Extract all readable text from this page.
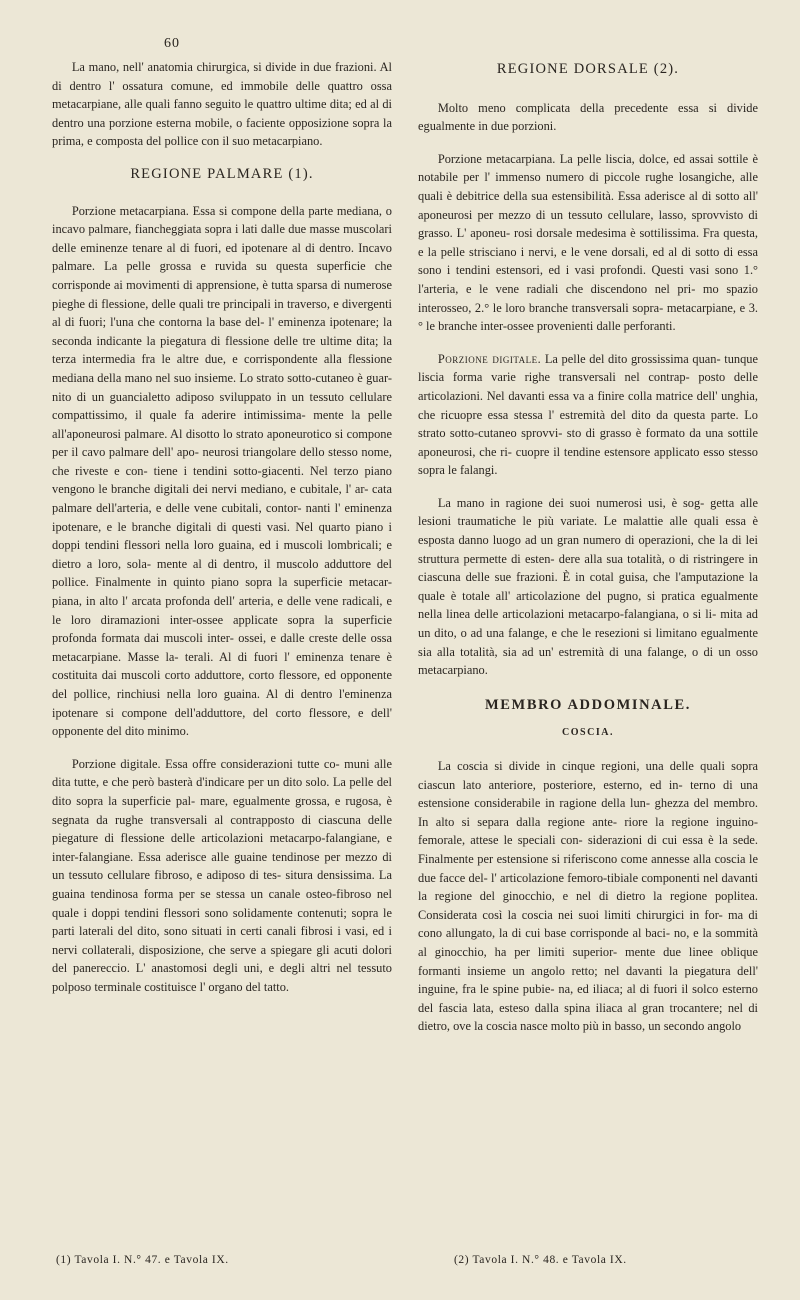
60

La mano, nell' anatomia chirurgica, si divide in due frazioni. Al di dentro l' ossatura comune, ed immobile delle quattro ossa metacarpiane, alle quali fanno seguito le quattro ultime dita; ed al di dentro una porzione esterna mobile, o faciente opposizione sopra la prima, e composta del pollice con il suo metacarpiano.

REGIONE PALMARE (1).

Porzione metacarpiana. Essa si compone della parte mediana, o incavo palmare, fiancheggiata sopra i lati dalle due masse muscolari delle eminenze tenare al di fuori, ed ipotenare al di dentro. Incavo palmare. La pelle grossa e ruvida su questa superficie che corrisponde ai movimenti di apprensione, è tutta sparsa di numerose pieghe di flessione, delle quali tre principali in traverso, e divergenti al di fuori; l'una che contorna la base del- l' eminenza ipotenare; la seconda indicante la piegatura di flessione delle tre ultime dita; la terza intermedia fra le altre due, e corrispondente alla flessione mediana della mano nel suo insieme. Lo strato sotto-cutaneo è guar- nito di un guancialetto adiposo sviluppato in un tessuto cellulare compattissimo, il quale fa aderire intimissima- mente la pelle all'aponeurosi palmare. Al disotto lo strato aponeurotico si compone per il cavo palmare dell' apo- neurosi triangolare dello stesso nome, che riveste e con- tiene i tendini sotto-giacenti. Nel terzo piano vengono le branche digitali dei nervi mediano, e cubitale, l' ar- cata palmare dell'arteria, e delle vene cubitali, contor- nanti l' eminenza ipotenare, e le branche digitali di questi vasi. Nel quarto piano i doppi tendini flessori nella loro guaina, ed i muscoli lombricali; e dietro a loro, sola- mente al di dentro, il muscolo adduttore del pollice. Finalmente in quinto piano sopra la superficie metacar- piana, in alto l' arcata profonda dell' arteria, e delle vene radicali, e le loro diramazioni inter-ossee applicate sopra la superficie profonda formata dai muscoli inter- ossei, e dalle creste delle ossa metacarpiane. Masse la- terali. Al di fuori l' eminenza tenare è costituita dai muscoli corto adduttore, corto flessore, ed opponente del pollice, rinchiusi nella loro guaina. Al di dentro l'eminenza ipotenare si compone dell'adduttore, del corto flessore, e dell' opponente del dito minimo.

Porzione digitale. Essa offre considerazioni tutte co- muni alle dita tutte, e che però basterà d'indicare per un dito solo. La pelle del dito sopra la superficie pal- mare, egualmente grossa, e rugosa, è segnata da rughe transversali al contrapposto di ciascuna delle piegature di flessione delle articolazioni metacarpo-falangiane, e inter-falangiane. Essa aderisce alle guaine tendinose per mezzo di un tessuto cellulare fibroso, e adiposo di tes- situra densissima. La guaina tendinosa forma per se stessa un canale osteo-fibroso nel quale i doppi tendini flessori sono solidamente contenuti; sopra le parti laterali del dito, sono situati in certi canali fibrosi i vasi, ed i nervi collaterali, disposizione, che serve a spiegare gli acuti dolori del panereccio. L' anastomosi degli uni, e degli altri nel tessuto polposo terminale costituisce l' organo del tatto.

REGIONE DORSALE (2).

Molto meno complicata della precedente essa si divide egualmente in due porzioni.

Porzione metacarpiana. La pelle liscia, dolce, ed assai sottile è notabile per l' immenso numero di piccole rughe losangiche, alle quali è debitrice della sua estensibilità. Essa aderisce al di sotto all' aponeurosi per mezzo di un tessuto cellulare, lasso, sprovvisto di grasso. L' aponeu- rosi dorsale medesima è sottilissima. Fra questa, e la pelle strisciano i nervi, e le vene dorsali, ed al di sotto di essa sono i tendini estensori, ed i vasi profondi. Questi vasi sono 1.° l'arteria, e le vene radiali che discendono nel pri- mo spazio interosseo, 2.° le loro branche transversali sopra- metacarpiane, e 3.° le branche inter-ossee provenienti dalle perforanti.

Porzione digitale. La pelle del dito grossissima quan- tunque liscia forma varie righe transversali nel contrap- posto delle articolazioni. Nel davanti essa va a finire colla matrice dell' unghia, che ricuopre essa stessa l' estremità del dito da questa parte. Lo strato sotto-cutaneo sprovvi- sto di grasso è formato da una sottile aponeurosi, che ri- cuopre il tendine estensore applicato esso stesso sopra le falangi.

La mano in ragione dei suoi numerosi usi, è sog- getta alle lesioni traumatiche le più variate. Le malattie alle quali essa è esposta danno luogo ad un gran numero di operazioni, che la di lei struttura permette di esten- dere alla sua totalità, o di ristringere in ciascuna delle sue frazioni. È in cotal guisa, che l'amputazione la quale è totale all' articolazione del pugno, si pratica egualmente nella linea delle articolazioni metacarpo-falangiana, o si li- mita ad un dito, o ad una falange, e che le resezioni si limitano egualmente sia alla totalità, sia ad un' estremità di una falange, o di un osso metacarpiano.

MEMBRO ADDOMINALE.
COSCIA.

La coscia si divide in cinque regioni, una delle quali sopra ciascun lato anteriore, posteriore, esterno, ed in- terno di una estensione considerabile in ragione della lun- ghezza del membro. In alto si separa dalla regione ante- riore la regione inguino-femorale, attese le speciali con- siderazioni di cui essa è la sede. Finalmente per estensione si riferiscono come annesse alla coscia le due facce del- l' articolazione femoro-tibiale componenti nel davanti la regione del ginocchio, e nel di dietro la regione poplitea. Considerata così la coscia nei suoi limiti chirurgici in for- ma di cono allungato, la di cui base corrisponde al baci- no, e la sommità al ginocchio, ha per limiti superior- mente due linee oblique formanti insieme un angolo retto; nel davanti la piegatura dell' inguine, fra le spine pubie- na, ed iliaca; al di fuori il solco esterno del fascia lata, esteso dalla spina iliaca al gran trocantere; nel di dietro, ove la coscia nasce molto più in basso, un secondo angolo

(1) Tavola I. N.° 47. e Tavola IX.	(2) Tavola I. N.° 48. e Tavola IX.
